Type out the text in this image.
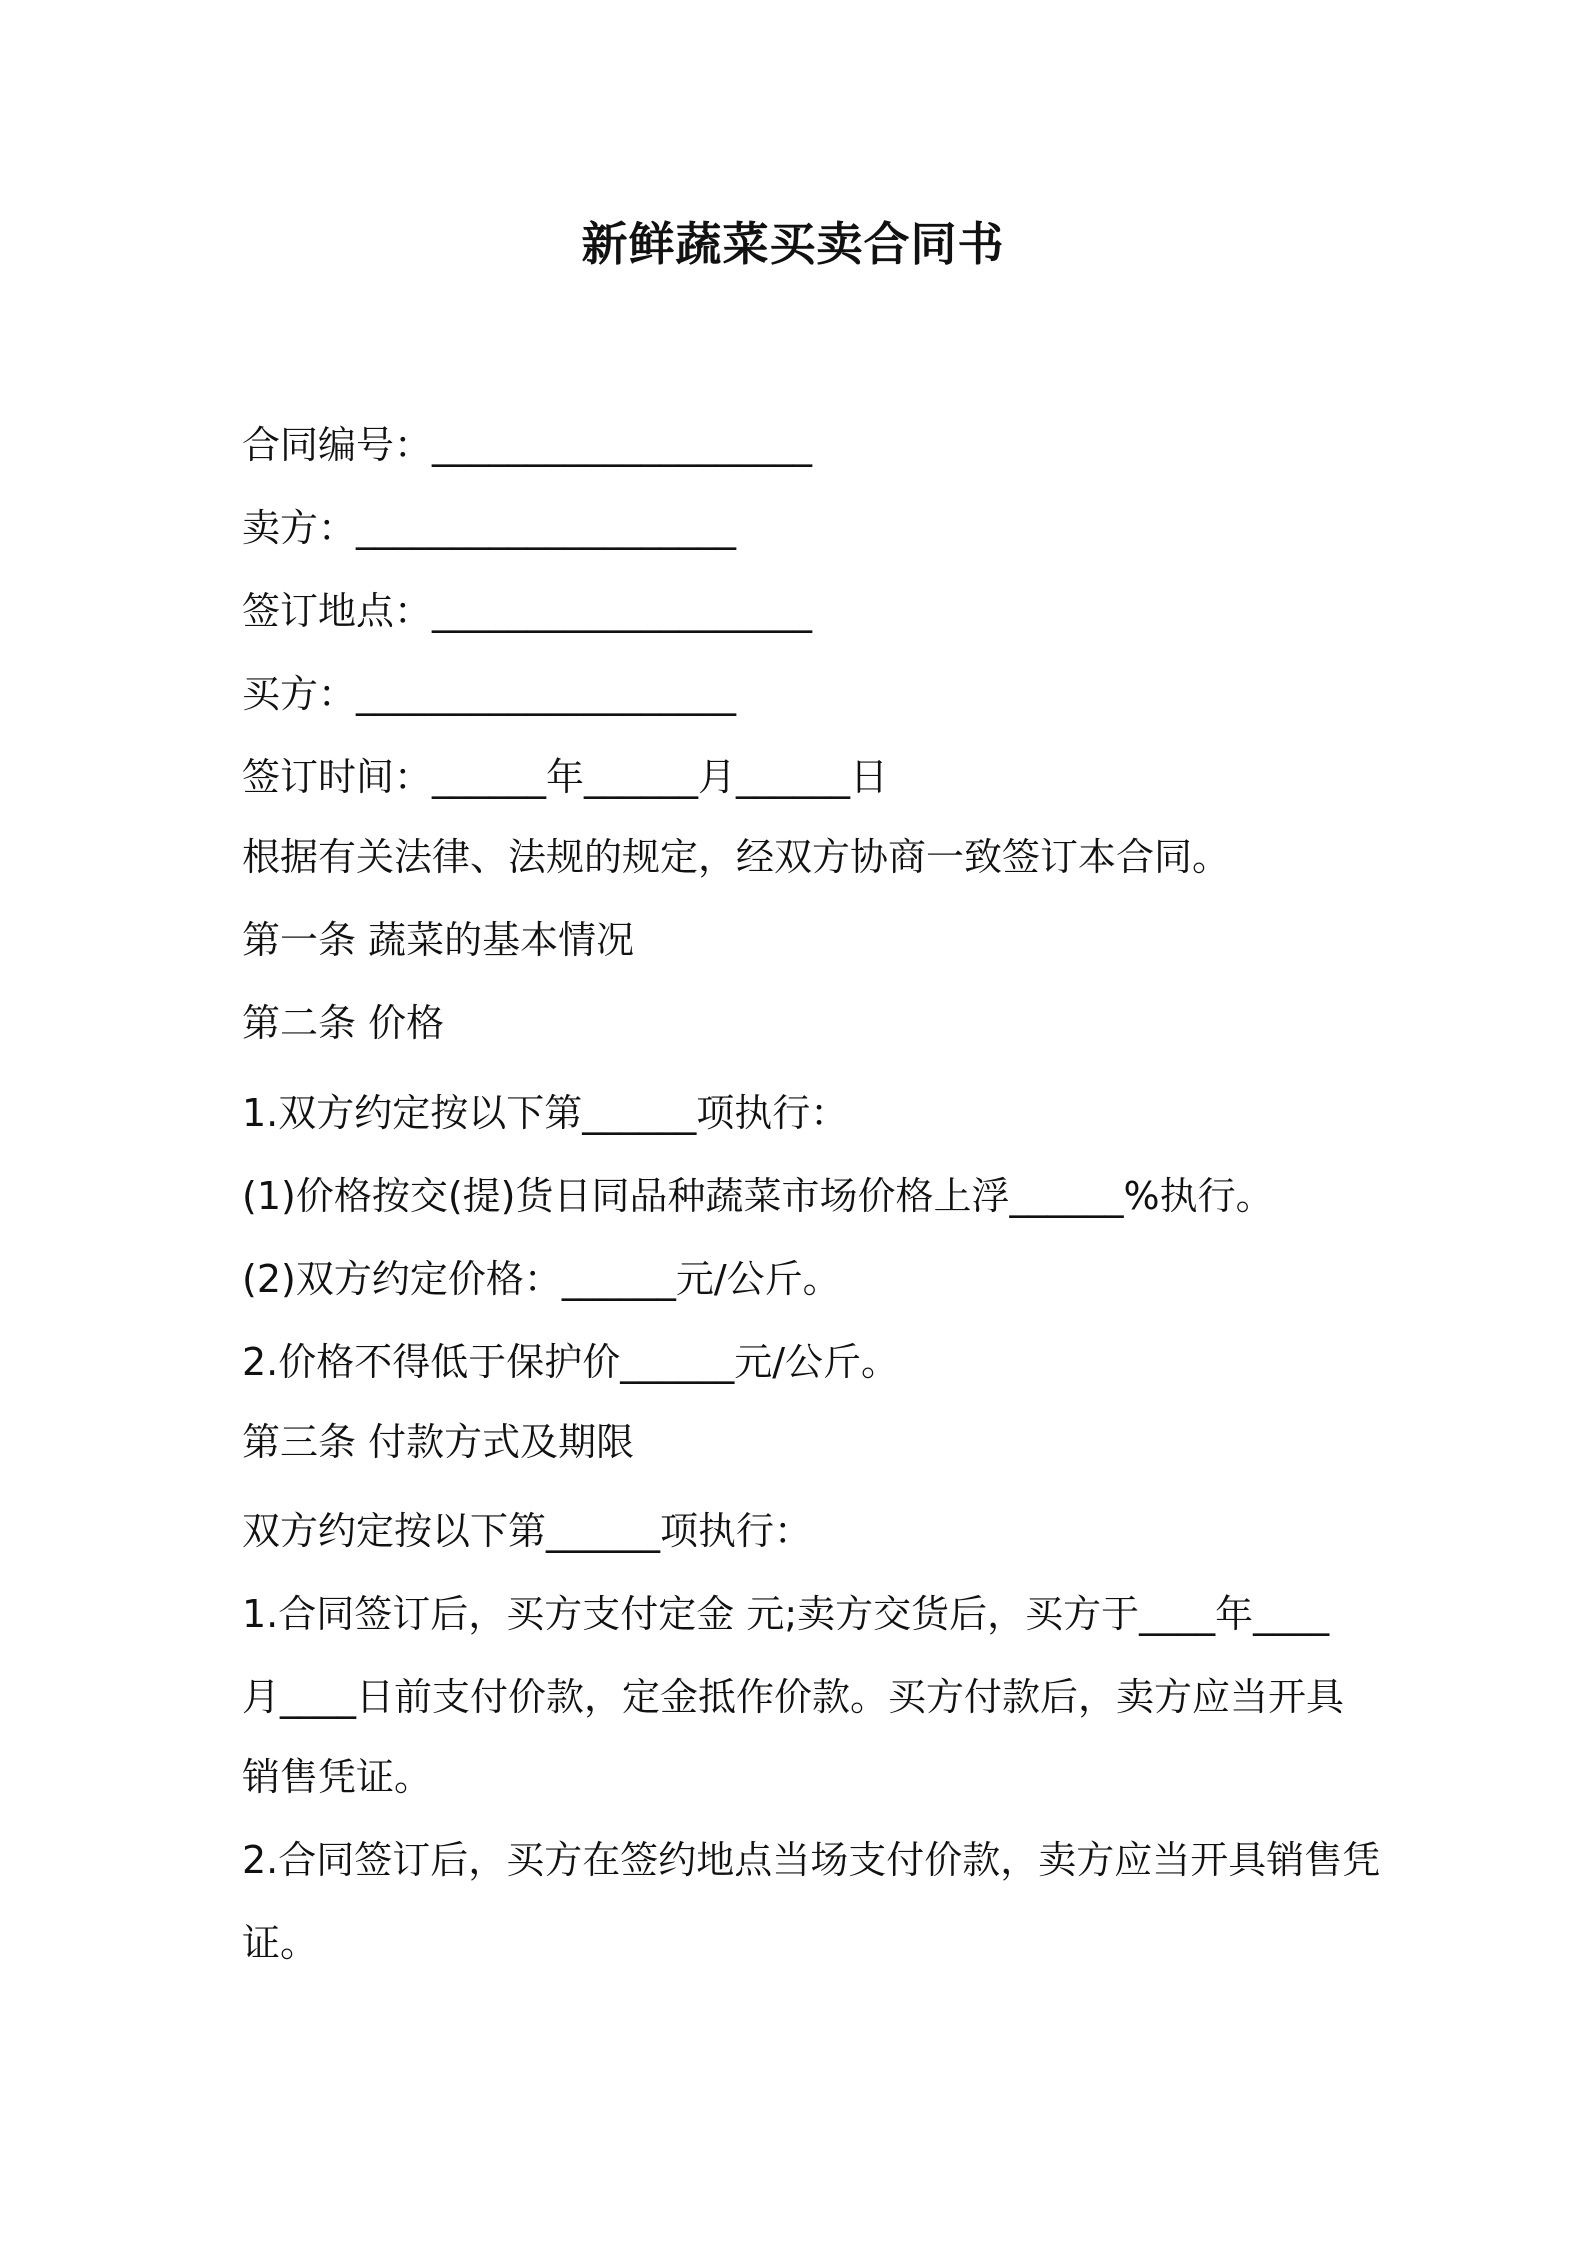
新鲜蔬菜买卖合同书
合同编号：____________________
卖方：____________________
签订地点：____________________
买方：____________________
签订时间：______年______月______日
根据有关法律、法规的规定，经双方协商一致签订本合同。
第一条 蔬菜的基本情况
第二条 价格
1.双方约定按以下第______项执行：
(1)价格按交(提)货日同品种蔬菜市场价格上浮______%执行。
(2)双方约定价格：______元/公斤。
2.价格不得低于保护价______元/公斤。
第三条 付款方式及期限
双方约定按以下第______项执行：
1.合同签订后，买方支付定金 元;卖方交货后，买方于____年____
月____日前支付价款，定金抵作价款。买方付款后，卖方应当开具
销售凭证。
2.合同签订后，买方在签约地点当场支付价款，卖方应当开具销售凭
证。
